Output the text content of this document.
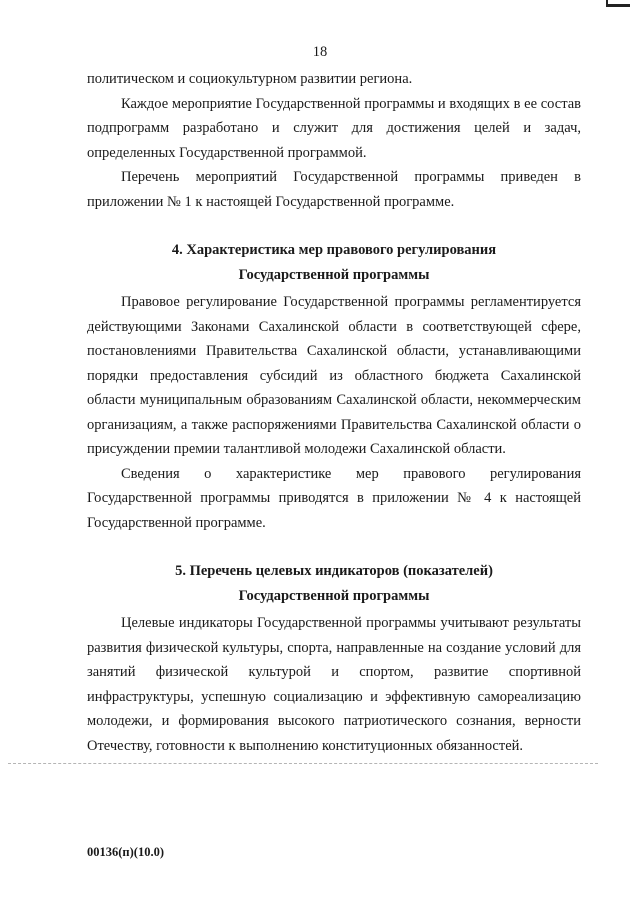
18

политическом и социокультурном развитии региона.

Каждое мероприятие Государственной программы и входящих в ее состав подпрограмм разработано и служит для достижения целей и задач, определенных Государственной программой.

Перечень мероприятий Государственной программы приведен в приложении № 1 к настоящей Государственной программе.

4. Характеристика мер правового регулирования
Государственной программы

Правовое регулирование Государственной программы регламентируется действующими Законами Сахалинской области в соответствующей сфере, постановлениями Правительства Сахалинской области, устанавливающими порядки предоставления субсидий из областного бюджета Сахалинской области муниципальным образованиям Сахалинской области, некоммерческим организациям, а также распоряжениями Правительства Сахалинской области о присуждении премии талантливой молодежи Сахалинской области.

Сведения о характеристике мер правового регулирования Государственной программы приводятся в приложении № 4 к настоящей Государственной программе.

5. Перечень целевых индикаторов (показателей)
Государственной программы

Целевые индикаторы Государственной программы учитывают результаты развития физической культуры, спорта, направленные на создание условий для занятий физической культурой и спортом, развитие спортивной инфраструктуры, успешную социализацию и эффективную самореализацию молодежи, и формирования высокого патриотического сознания, верности Отечеству, готовности к выполнению конституционных обязанностей.

00136(п)(10.0)
